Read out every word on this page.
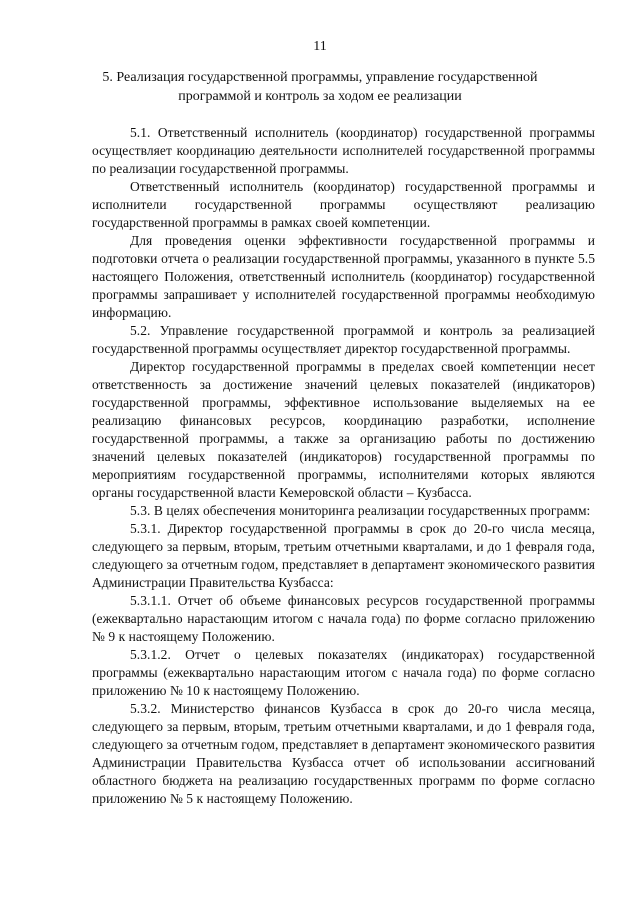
11
5. Реализация государственной программы, управление государственной программой и контроль за ходом ее реализации

5.1. Ответственный исполнитель (координатор) государственной программы осуществляет координацию деятельности исполнителей государственной программы по реализации государственной программы.

Ответственный исполнитель (координатор) государственной программы и исполнители государственной программы осуществляют реализацию государственной программы в рамках своей компетенции.

Для проведения оценки эффективности государственной программы и подготовки отчета о реализации государственной программы, указанного в пункте 5.5 настоящего Положения, ответственный исполнитель (координатор) государственной программы запрашивает у исполнителей государственной программы необходимую информацию.

5.2. Управление государственной программой и контроль за реализацией государственной программы осуществляет директор государственной программы.

Директор государственной программы в пределах своей компетенции несет ответственность за достижение значений целевых показателей (индикаторов) государственной программы, эффективное использование выделяемых на ее реализацию финансовых ресурсов, координацию разработки, исполнение государственной программы, а также за организацию работы по достижению значений целевых показателей (индикаторов) государственной программы по мероприятиям государственной программы, исполнителями которых являются органы государственной власти Кемеровской области – Кузбасса.

5.3. В целях обеспечения мониторинга реализации государственных программ:

5.3.1. Директор государственной программы в срок до 20-го числа месяца, следующего за первым, вторым, третьим отчетными кварталами, и до 1 февраля года, следующего за отчетным годом, представляет в департамент экономического развития Администрации Правительства Кузбасса:

5.3.1.1. Отчет об объеме финансовых ресурсов государственной программы (ежеквартально нарастающим итогом с начала года) по форме согласно приложению № 9 к настоящему Положению.

5.3.1.2. Отчет о целевых показателях (индикаторах) государственной программы (ежеквартально нарастающим итогом с начала года) по форме согласно приложению № 10 к настоящему Положению.

5.3.2. Министерство финансов Кузбасса в срок до 20-го числа месяца, следующего за первым, вторым, третьим отчетными кварталами, и до 1 февраля года, следующего за отчетным годом, представляет в департамент экономического развития Администрации Правительства Кузбасса отчет об использовании ассигнований областного бюджета на реализацию государственных программ по форме согласно приложению № 5 к настоящему Положению.
